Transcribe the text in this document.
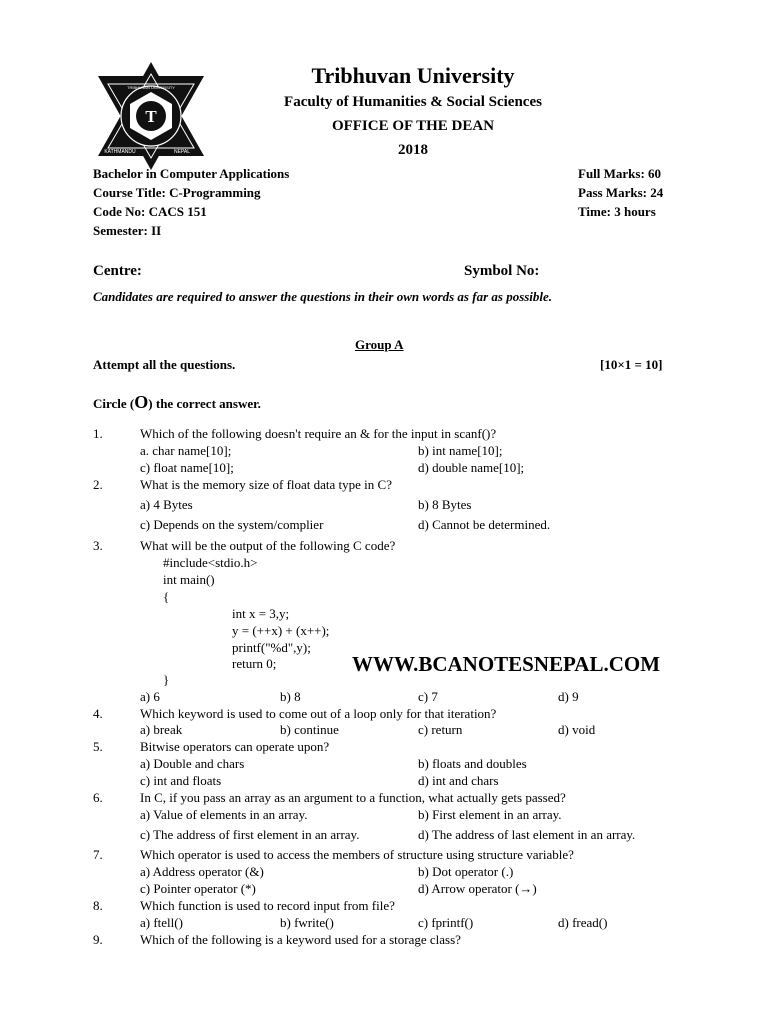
T
TRIBHUVAN UNIVERSITY
KATHMANDU	NEPAL
Tribhuvan University
Faculty of Humanities & Social Sciences
OFFICE OF THE DEAN
2018
Bachelor in Computer Applications
Course Title: C-Programming
Code No: CACS 151
Semester: II
Full Marks: 60
Pass Marks: 24
Time: 3 hours
Centre:	Symbol No:
Candidates are required to answer the questions in their own words as far as possible.
Group A
Attempt all the questions.	[10×1 = 10]
Circle (O) the correct answer.
1.	Which of the following doesn't require an & for the input in scanf()?
a. char name[10];	b) int name[10];
c) float name[10];	d) double name[10];
2.	What is the memory size of float data type in C?
a) 4 Bytes	b) 8 Bytes
c) Depends on the system/complier	d) Cannot be determined.
3.	What will be the output of the following C code?
#include<stdio.h>
int main()
{
int x = 3,y;
y = (++x) + (x++);
printf("%d",y);
return 0;
}
WWW.BCANOTESNEPAL.COM
a) 6	b) 8	c) 7	d) 9
4.	Which keyword is used to come out of a loop only for that iteration?
a) break	b) continue	c) return	d) void
5.	Bitwise operators can operate upon?
a) Double and chars	b) floats and doubles
c) int and floats	d) int and chars
6.	In C, if you pass an array as an argument to a function, what actually gets passed?
a) Value of elements in an array.	b) First element in an array.
c) The address of first element in an array.	d) The address of last element in an array.
7.	Which operator is used to access the members of structure using structure variable?
a) Address operator (&)	b) Dot operator (.)
c) Pointer operator (*)	d) Arrow operator (→)
8.	Which function is used to record input from file?
a) ftell()	b) fwrite()	c) fprintf()	d) fread()
9.	Which of the following is a keyword used for a storage class?
